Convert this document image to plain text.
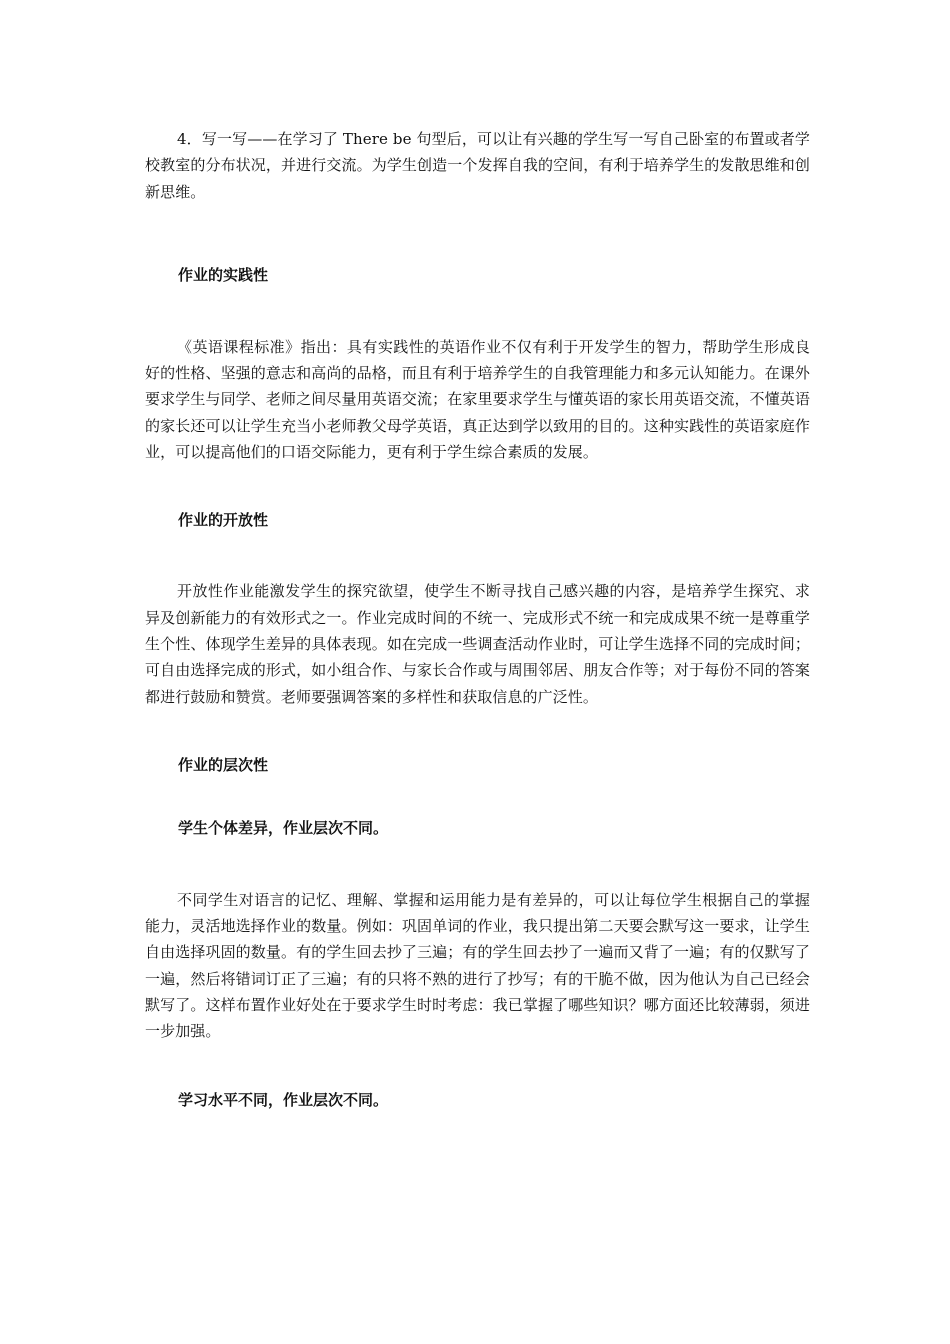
4．写一写——在学习了 There be 句型后，可以让有兴趣的学生写一写自己卧室的布置或者学校教室的分布状况，并进行交流。为学生创造一个发挥自我的空间，有利于培养学生的发散思维和创新思维。

作业的实践性

《英语课程标准》指出：具有实践性的英语作业不仅有利于开发学生的智力，帮助学生形成良好的性格、坚强的意志和高尚的品格，而且有利于培养学生的自我管理能力和多元认知能力。在课外要求学生与同学、老师之间尽量用英语交流；在家里要求学生与懂英语的家长用英语交流，不懂英语的家长还可以让学生充当小老师教父母学英语，真正达到学以致用的目的。这种实践性的英语家庭作业，可以提高他们的口语交际能力，更有利于学生综合素质的发展。

作业的开放性

开放性作业能激发学生的探究欲望，使学生不断寻找自己感兴趣的内容，是培养学生探究、求异及创新能力的有效形式之一。作业完成时间的不统一、完成形式不统一和完成成果不统一是尊重学生个性、体现学生差异的具体表现。如在完成一些调查活动作业时，可让学生选择不同的完成时间；可自由选择完成的形式，如小组合作、与家长合作或与周围邻居、朋友合作等；对于每份不同的答案都进行鼓励和赞赏。老师要强调答案的多样性和获取信息的广泛性。

作业的层次性
学生个体差异，作业层次不同。

不同学生对语言的记忆、理解、掌握和运用能力是有差异的，可以让每位学生根据自己的掌握能力，灵活地选择作业的数量。例如：巩固单词的作业，我只提出第二天要会默写这一要求，让学生自由选择巩固的数量。有的学生回去抄了三遍；有的学生回去抄了一遍而又背了一遍；有的仅默写了一遍，然后将错词订正了三遍；有的只将不熟的进行了抄写；有的干脆不做，因为他认为自己已经会默写了。这样布置作业好处在于要求学生时时考虑：我已掌握了哪些知识？哪方面还比较薄弱，须进一步加强。

学习水平不同，作业层次不同。
